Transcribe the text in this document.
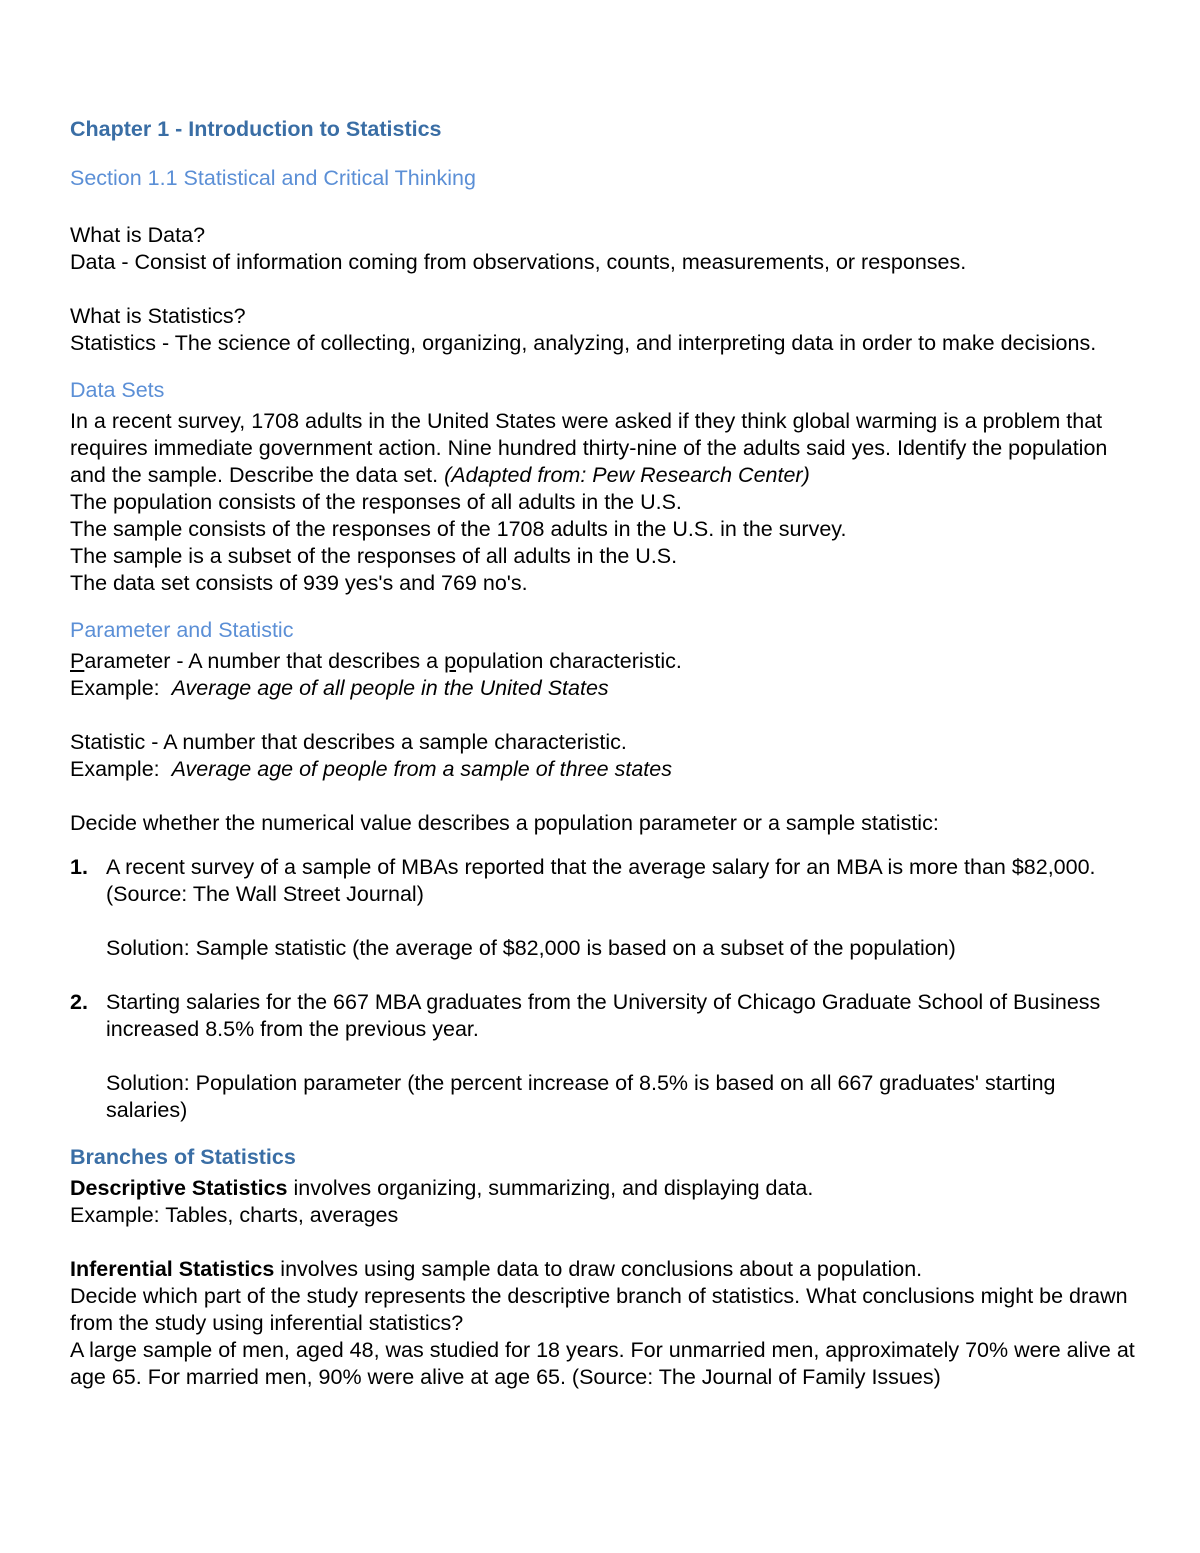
Chapter 1 - Introduction to Statistics
Section 1.1 Statistical and Critical Thinking

What is Data?

Data - Consist of information coming from observations, counts, measurements, or responses.

What is Statistics?

Statistics - The science of collecting, organizing, analyzing, and interpreting data in order to make decisions.

Data Sets

In a recent survey, 1708 adults in the United States were asked if they think global warming is a problem that requires immediate government action. Nine hundred thirty-nine of the adults said yes. Identify the population and the sample. Describe the data set. (Adapted from: Pew Research Center)

The population consists of the responses of all adults in the U.S.

The sample consists of the responses of the 1708 adults in the U.S. in the survey.

The sample is a subset of the responses of all adults in the U.S.

The data set consists of 939 yes's and 769 no's.

Parameter and Statistic

Parameter - A number that describes a population characteristic.

Example: Average age of all people in the United States

Statistic - A number that describes a sample characteristic.

Example: Average age of people from a sample of three states

Decide whether the numerical value describes a population parameter or a sample statistic:

1. A recent survey of a sample of MBAs reported that the average salary for an MBA is more than $82,000. (Source: The Wall Street Journal)

Solution: Sample statistic (the average of $82,000 is based on a subset of the population)

2. Starting salaries for the 667 MBA graduates from the University of Chicago Graduate School of Business increased 8.5% from the previous year.

Solution: Population parameter (the percent increase of 8.5% is based on all 667 graduates' starting salaries)

Branches of Statistics

Descriptive Statistics involves organizing, summarizing, and displaying data.

Example: Tables, charts, averages

Inferential Statistics involves using sample data to draw conclusions about a population.

Decide which part of the study represents the descriptive branch of statistics. What conclusions might be drawn from the study using inferential statistics?

A large sample of men, aged 48, was studied for 18 years. For unmarried men, approximately 70% were alive at age 65. For married men, 90% were alive at age 65. (Source: The Journal of Family Issues)
